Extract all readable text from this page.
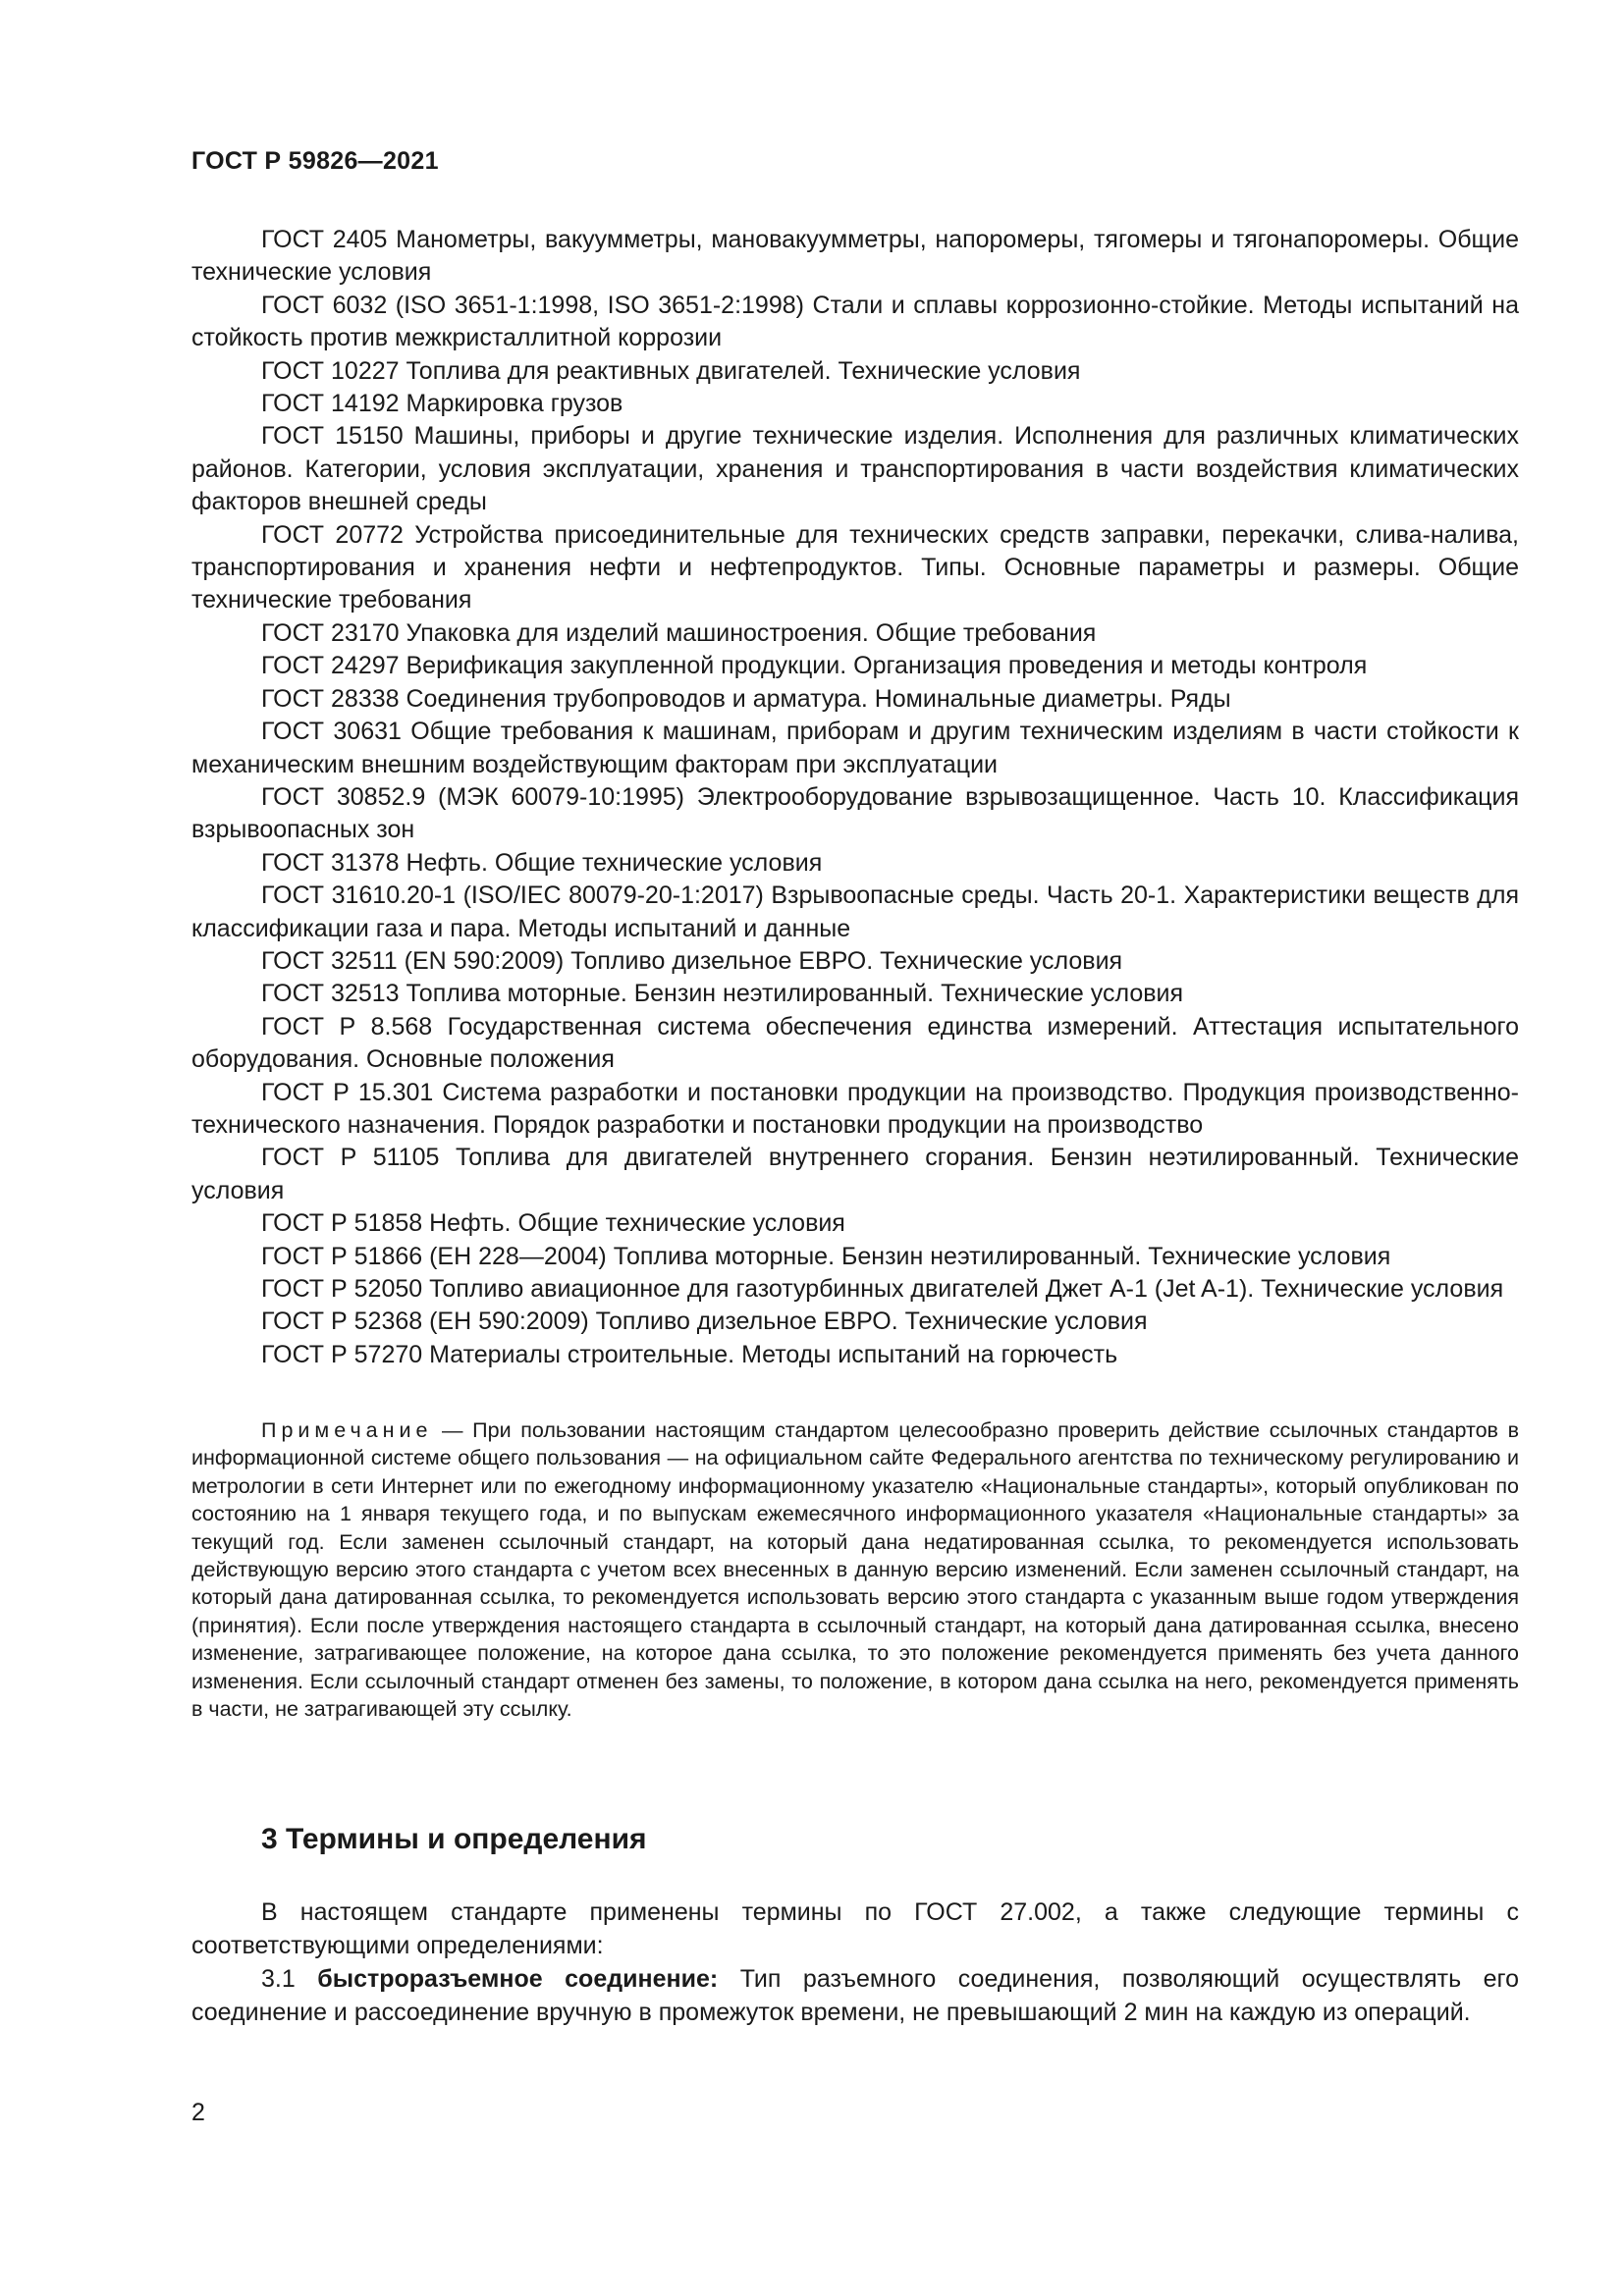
ГОСТ Р 59826—2021

ГОСТ 2405 Манометры, вакуумметры, мановакуумметры, напоромеры, тягомеры и тягонапоромеры. Общие технические условия

ГОСТ 6032 (ISO 3651-1:1998, ISO 3651-2:1998) Стали и сплавы коррозионно-стойкие. Методы испытаний на стойкость против межкристаллитной коррозии

ГОСТ 10227 Топлива для реактивных двигателей. Технические условия

ГОСТ 14192 Маркировка грузов

ГОСТ 15150 Машины, приборы и другие технические изделия. Исполнения для различных климатических районов. Категории, условия эксплуатации, хранения и транспортирования в части воздействия климатических факторов внешней среды

ГОСТ 20772 Устройства присоединительные для технических средств заправки, перекачки, слива-налива, транспортирования и хранения нефти и нефтепродуктов. Типы. Основные параметры и размеры. Общие технические требования

ГОСТ 23170 Упаковка для изделий машиностроения. Общие требования

ГОСТ 24297 Верификация закупленной продукции. Организация проведения и методы контроля

ГОСТ 28338 Соединения трубопроводов и арматура. Номинальные диаметры. Ряды

ГОСТ 30631 Общие требования к машинам, приборам и другим техническим изделиям в части стойкости к механическим внешним воздействующим факторам при эксплуатации

ГОСТ 30852.9 (МЭК 60079-10:1995) Электрооборудование взрывозащищенное. Часть 10. Классификация взрывоопасных зон

ГОСТ 31378 Нефть. Общие технические условия

ГОСТ 31610.20-1 (ISO/IEC 80079-20-1:2017) Взрывоопасные среды. Часть 20-1. Характеристики веществ для классификации газа и пара. Методы испытаний и данные

ГОСТ 32511 (EN 590:2009) Топливо дизельное ЕВРО. Технические условия

ГОСТ 32513 Топлива моторные. Бензин неэтилированный. Технические условия

ГОСТ Р 8.568 Государственная система обеспечения единства измерений. Аттестация испытательного оборудования. Основные положения

ГОСТ Р 15.301 Система разработки и постановки продукции на производство. Продукция производственно-технического назначения. Порядок разработки и постановки продукции на производство

ГОСТ Р 51105 Топлива для двигателей внутреннего сгорания. Бензин неэтилированный. Технические условия

ГОСТ Р 51858 Нефть. Общие технические условия

ГОСТ Р 51866 (ЕН 228—2004) Топлива моторные. Бензин неэтилированный. Технические условия

ГОСТ Р 52050 Топливо авиационное для газотурбинных двигателей Джет А-1 (Jet A-1). Технические условия

ГОСТ Р 52368 (ЕН 590:2009) Топливо дизельное ЕВРО. Технические условия

ГОСТ Р 57270 Материалы строительные. Методы испытаний на горючесть

Примечание — При пользовании настоящим стандартом целесообразно проверить действие ссылочных стандартов в информационной системе общего пользования — на официальном сайте Федерального агентства по техническому регулированию и метрологии в сети Интернет или по ежегодному информационному указателю «Национальные стандарты», который опубликован по состоянию на 1 января текущего года, и по выпускам ежемесячного информационного указателя «Национальные стандарты» за текущий год. Если заменен ссылочный стандарт, на который дана недатированная ссылка, то рекомендуется использовать действующую версию этого стандарта с учетом всех внесенных в данную версию изменений. Если заменен ссылочный стандарт, на который дана датированная ссылка, то рекомендуется использовать версию этого стандарта с указанным выше годом утверждения (принятия). Если после утверждения настоящего стандарта в ссылочный стандарт, на который дана датированная ссылка, внесено изменение, затрагивающее положение, на которое дана ссылка, то это положение рекомендуется применять без учета данного изменения. Если ссылочный стандарт отменен без замены, то положение, в котором дана ссылка на него, рекомендуется применять в части, не затрагивающей эту ссылку.

3 Термины и определения

В настоящем стандарте применены термины по ГОСТ 27.002, а также следующие термины с соответствующими определениями:

3.1 быстроразъемное соединение: Тип разъемного соединения, позволяющий осуществлять его соединение и рассоединение вручную в промежуток времени, не превышающий 2 мин на каждую из операций.

2
